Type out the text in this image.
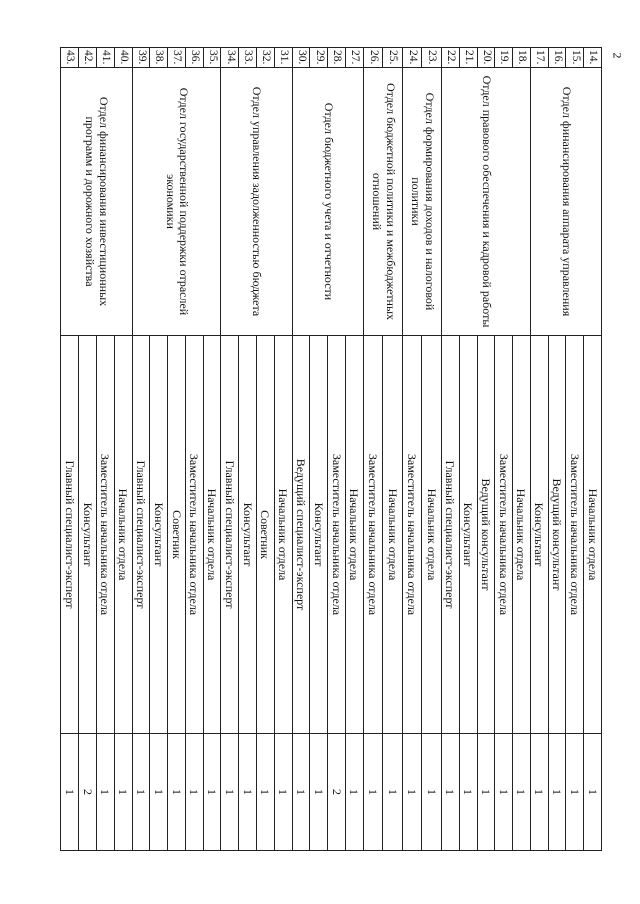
2
14.	Отдел финансирования аппарата управления	Начальник отдела	1
15.		Заместитель начальника отдела	1
16.		Ведущий консультант	1
17.		Консультант	1
18.	Отдел правового обеспечения и кадровой работы	Начальник отдела	1
19.		Заместитель начальника отдела	1
20.		Ведущий консультант	1
21.		Консультант	1
22.		Главный специалист-эксперт	1
23.	Отдел формирования доходов и налоговой политики	Начальник отдела	1
24.		Заместитель начальника отдела	1
25.	Отдел бюджетной политики и межбюджетных отношений	Начальник отдела	1
26.		Заместитель начальника отдела	1
27.	Отдел бюджетного учета и отчетности	Начальник отдела	1
28.		Заместитель начальника отдела	2
29.		Консультант	1
30.		Ведущий специалист-эксперт	1
31.	Отдел управления задолженностью бюджета	Начальник отдела	1
32.		Советник	1
33.		Консультант	1
34.		Главный специалист-эксперт	1
35.	Отдел государственной поддержки отраслей экономики	Начальник отдела	1
36.		Заместитель начальника отдела	1
37.		Советник	1
38.		Консультант	1
39.		Главный специалист-эксперт	1
40.	Отдел финансирования инвестиционных программ и дорожного хозяйства	Начальник отдела	1
41.		Заместитель начальника отдела	1
42.		Консультант	2
43.		Главный специалист-эксперт	1
